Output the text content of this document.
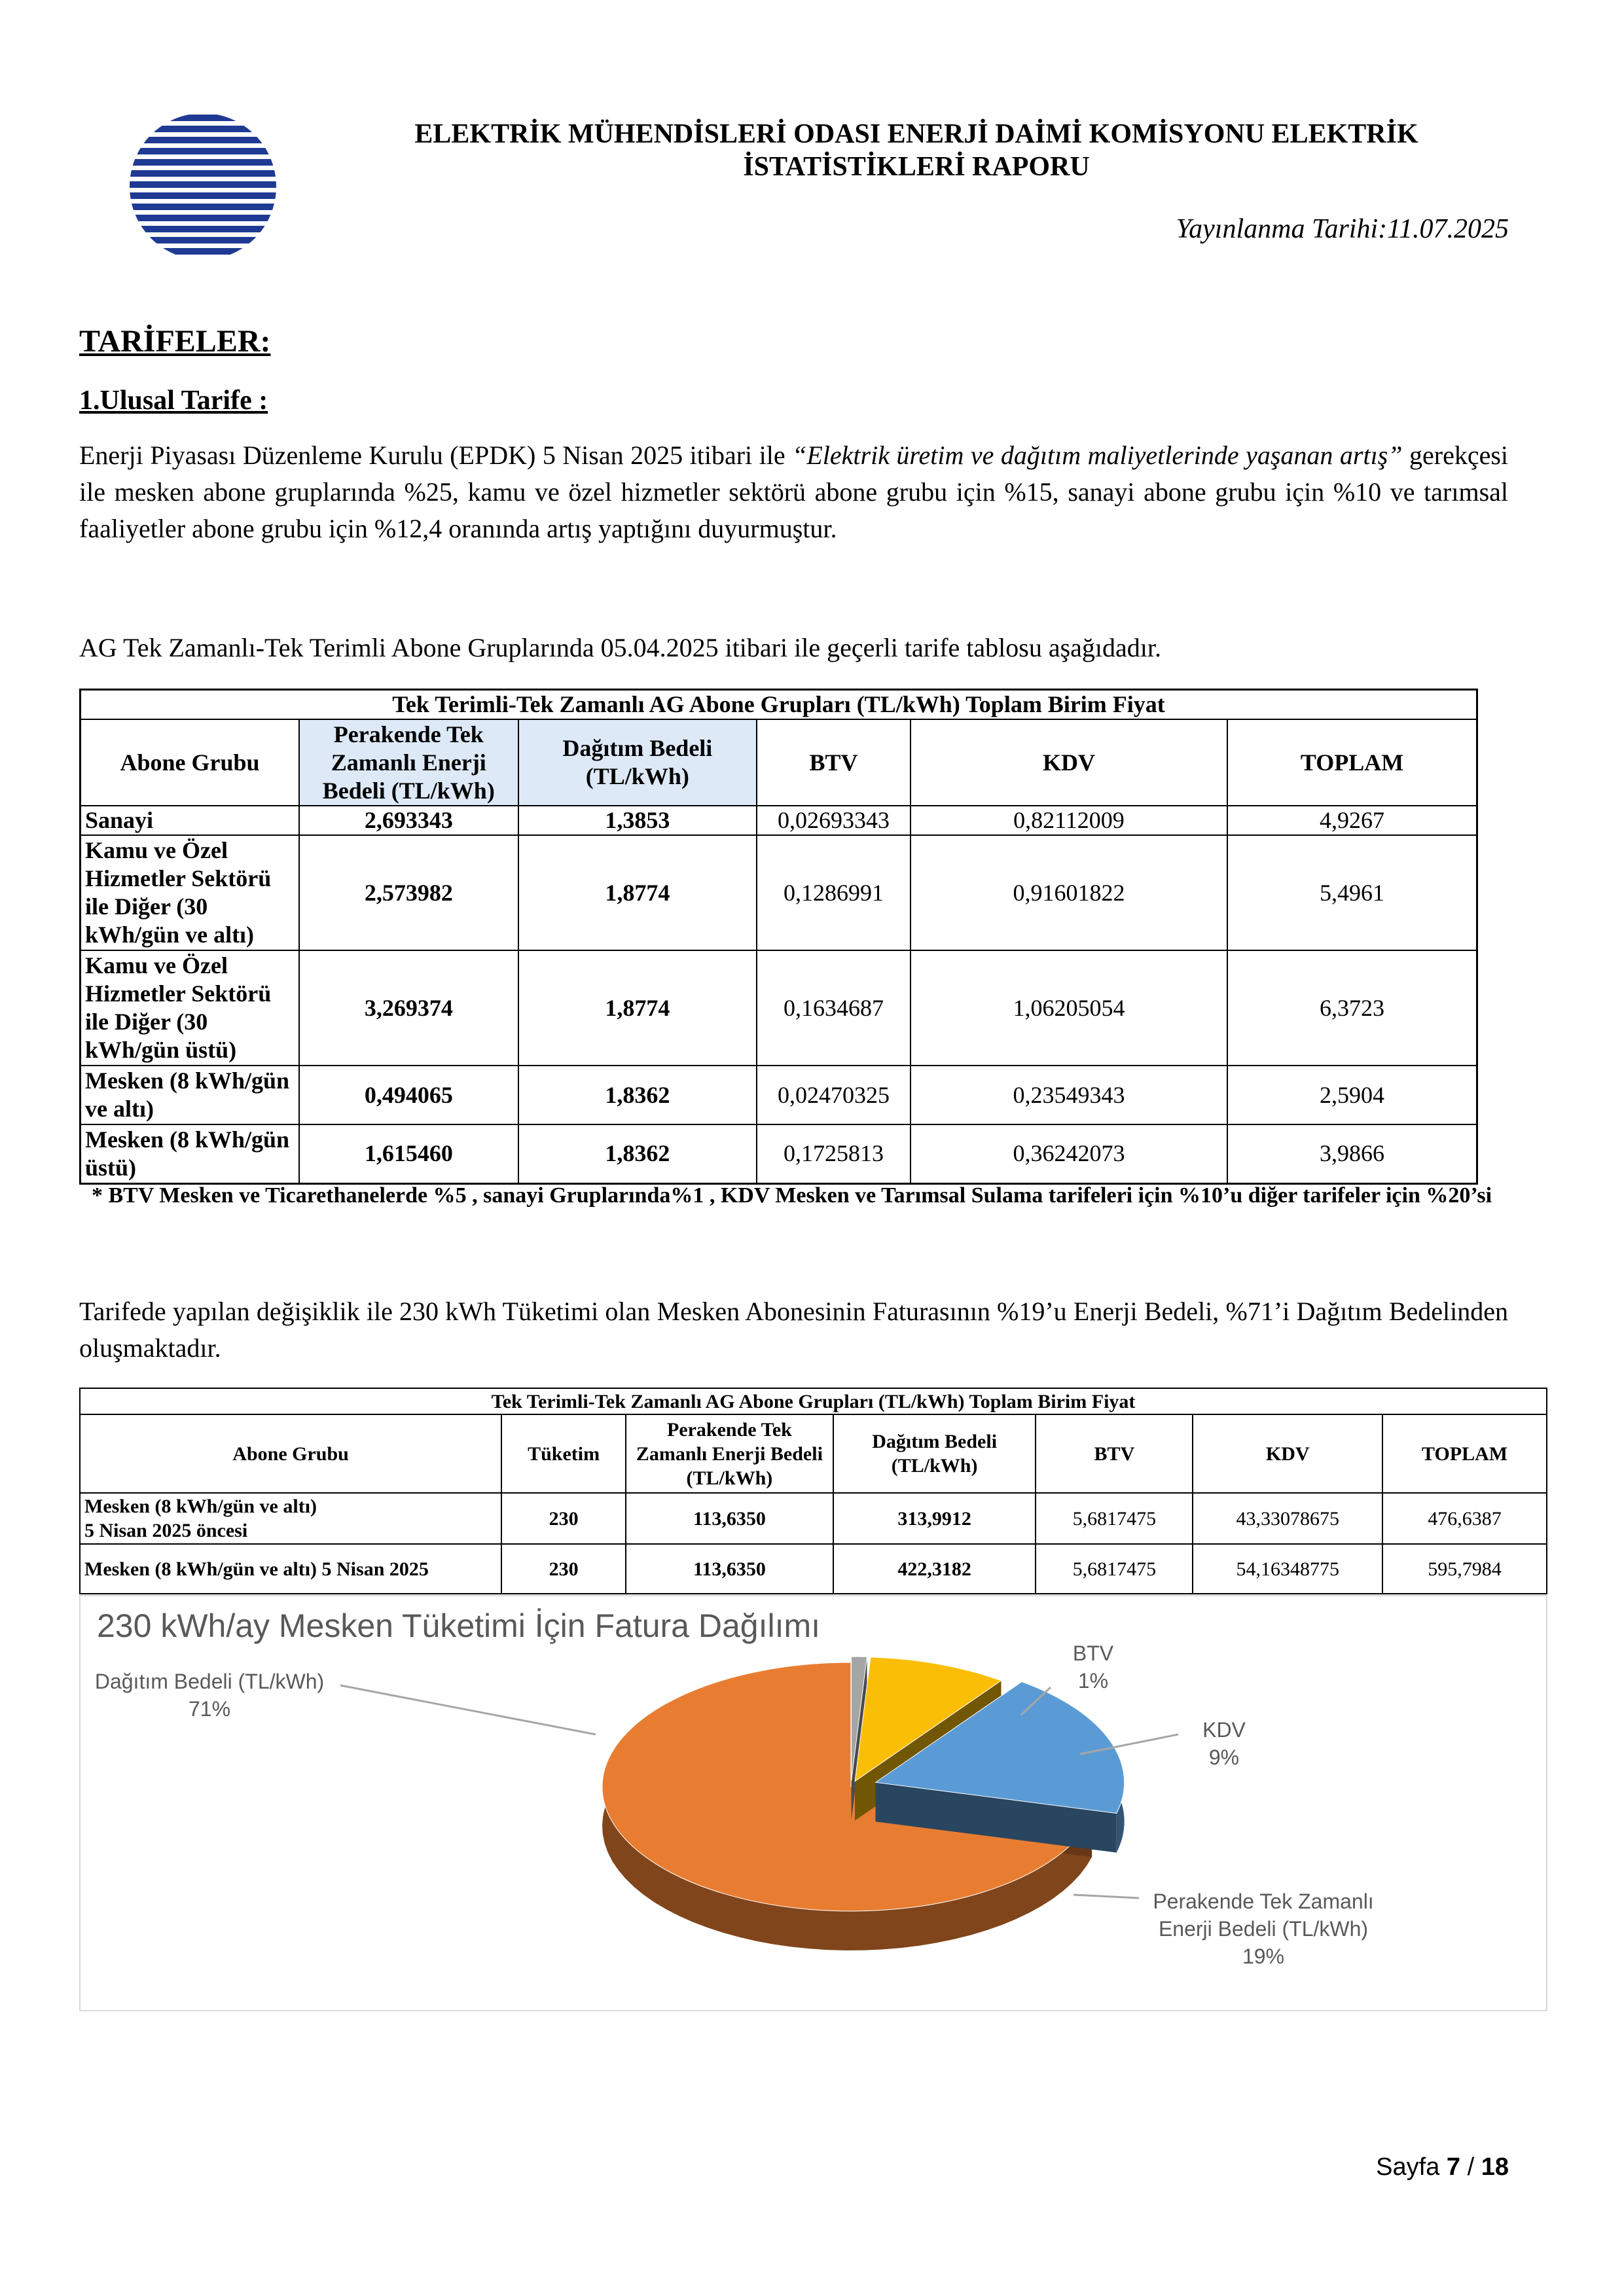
ELEKTRİK MÜHENDİSLERİ ODASI ENERJİ DAİMİ KOMİSYONU ELEKTRİK
İSTATİSTİKLERİ RAPORU
Yayınlanma Tarihi:11.07.2025
TARİFELER:
1.Ulusal Tarife :
Enerji Piyasası Düzenleme Kurulu (EPDK) 5 Nisan 2025 itibari ile “Elektrik üretim ve dağıtım maliyetlerinde yaşanan artış” gerekçesi ile mesken abone gruplarında %25, kamu ve özel hizmetler sektörü abone grubu için %15, sanayi abone grubu için %10 ve tarımsal faaliyetler abone grubu için %12,4 oranında artış yaptığını duyurmuştur.
AG Tek Zamanlı-Tek Terimli Abone Gruplarında 05.04.2025 itibari ile geçerli tarife tablosu aşağıdadır.
Tek Terimli-Tek Zamanlı AG Abone Grupları (TL/kWh) Toplam Birim Fiyat					
Abone Grubu	Perakende Tek Zamanlı Enerji Bedeli (TL/kWh)	Dağıtım Bedeli (TL/kWh)	BTV	KDV	TOPLAM
Sanayi	2,693343	1,3853	0,02693343	0,82112009	4,9267
Kamu ve Özel Hizmetler Sektörü ile Diğer (30 kWh/gün ve altı)	2,573982	1,8774	0,1286991	0,91601822	5,4961
Kamu ve Özel Hizmetler Sektörü ile Diğer (30 kWh/gün üstü)	3,269374	1,8774	0,1634687	1,06205054	6,3723
Mesken (8 kWh/gün ve altı)	0,494065	1,8362	0,02470325	0,23549343	2,5904
Mesken (8 kWh/gün üstü)	1,615460	1,8362	0,1725813	0,36242073	3,9866
* BTV Mesken ve Ticarethanelerde %5 , sanayi Gruplarında%1 , KDV Mesken ve Tarımsal Sulama tarifeleri için %10’u diğer tarifeler için %20’si
Tarifede yapılan değişiklik ile 230 kWh Tüketimi olan Mesken Abonesinin Faturasının %19’u Enerji Bedeli, %71’i Dağıtım Bedelinden oluşmaktadır.
Tek Terimli-Tek Zamanlı AG Abone Grupları (TL/kWh) Toplam Birim Fiyat						
Abone Grubu	Tüketim	Perakende Tek Zamanlı Enerji Bedeli (TL/kWh)	Dağıtım Bedeli (TL/kWh)	BTV	KDV	TOPLAM
Mesken (8 kWh/gün ve altı)
5 Nisan 2025 öncesi	230	113,6350	313,9912	5,6817475	43,33078675	476,6387
Mesken (8 kWh/gün ve altı) 5 Nisan 2025	230	113,6350	422,3182	5,6817475	54,16348775	595,7984
230 kWh/ay Mesken Tüketimi İçin Fatura Dağılımı
Dağıtım Bedeli (TL/kWh)
71%
BTV
1%
KDV
9%
Perakende Tek Zamanlı Enerji Bedeli (TL/kWh)
19%
Sayfa 7 / 18
